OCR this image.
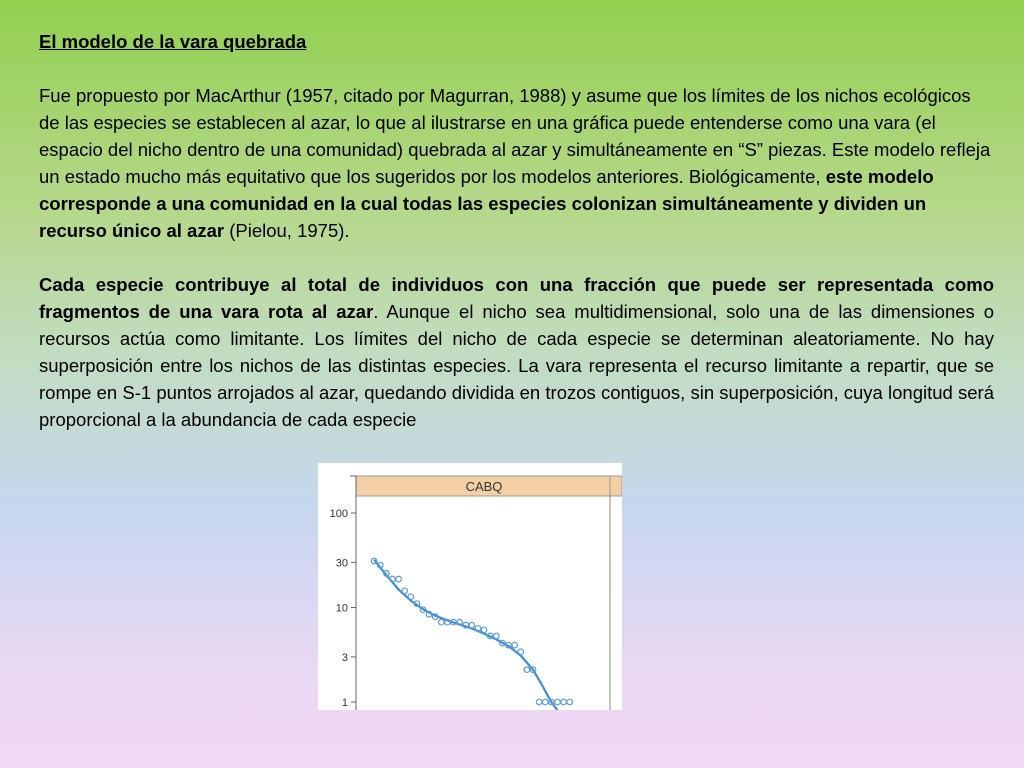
El modelo de la vara quebrada

Fue propuesto por MacArthur (1957, citado por Magurran, 1988) y asume que los límites de los nichos ecológicos de las especies se establecen al azar, lo que al ilustrarse en una gráfica puede entenderse como una vara (el espacio del nicho dentro de una comunidad) quebrada al azar y simultáneamente en “S” piezas. Este modelo refleja un estado mucho más equitativo que los sugeridos por los modelos anteriores. Biológicamente, este modelo corresponde a una comunidad en la cual todas las especies colonizan simultáneamente y dividen un recurso único al azar (Pielou, 1975).

Cada especie contribuye al total de individuos con una fracción que puede ser representada como fragmentos de una vara rota al azar. Aunque el nicho sea multidimensional, solo una de las dimensiones o recursos actúa como limitante. Los límites del nicho de cada especie se determinan aleatoriamente. No hay superposición entre los nichos de las distintas especies. La vara representa el recurso limitante a repartir, que se rompe en S-1 puntos arrojados al azar, quedando dividida en trozos contiguos, sin superposición, cuya longitud será proporcional a la abundancia de cada especie

CABQ
100
30
10
3
1
